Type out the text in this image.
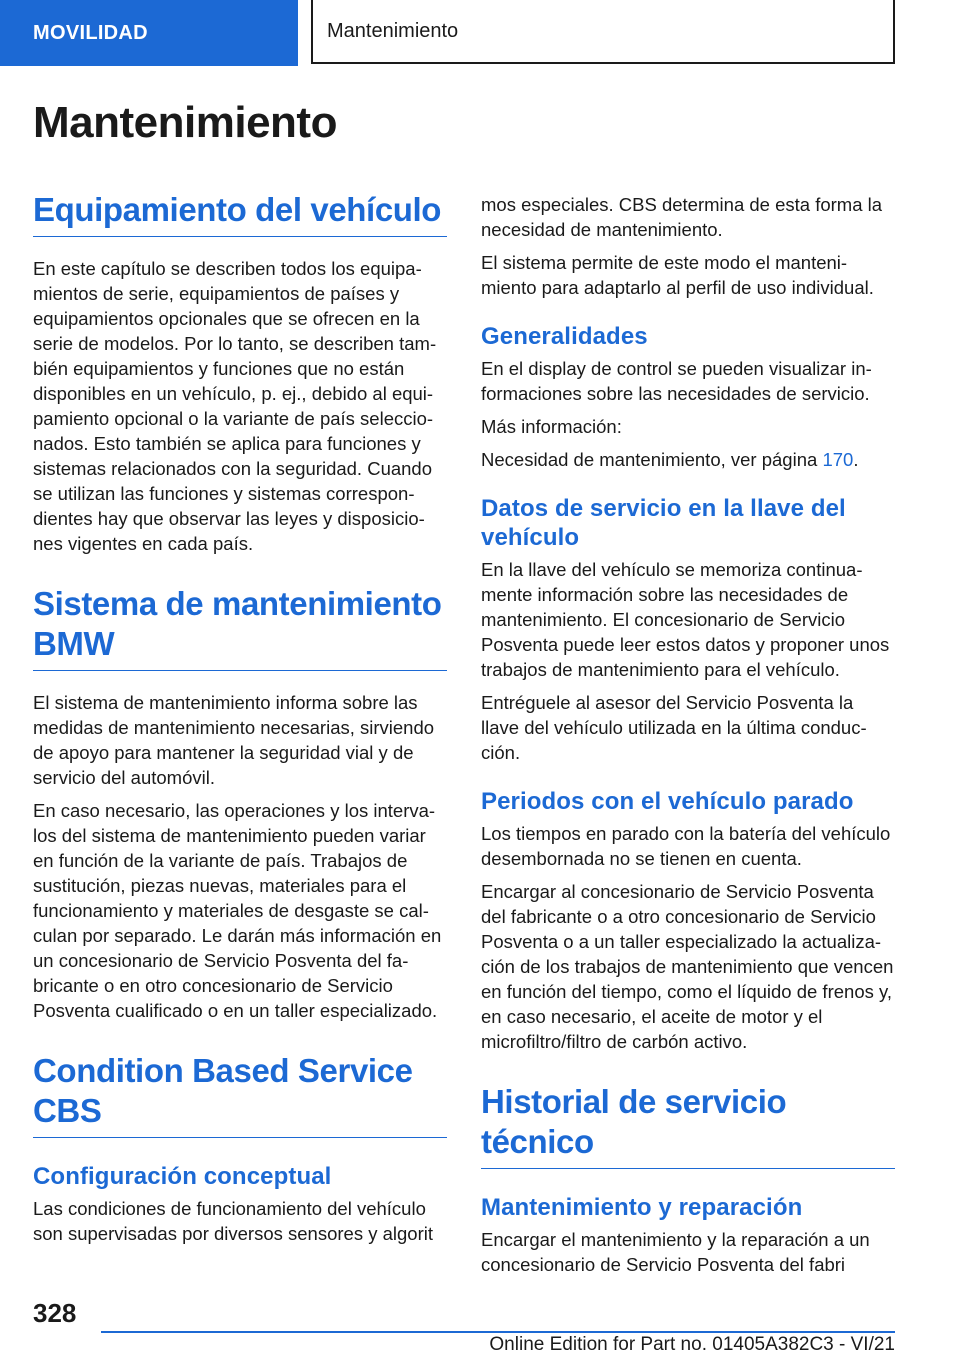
MOVILIDAD	Mantenimiento
Mantenimiento
Equipamiento del vehículo

En este capítulo se describen todos los equipamientos de serie, equipamientos de países y equipamientos opcionales que se ofrecen en la serie de modelos. Por lo tanto, se describen también equipamientos y funciones que no están disponibles en un vehículo, p. ej., debido al equipamiento opcional o la variante de país seleccionados. Esto también se aplica para funciones y sistemas relacionados con la seguridad. Cuando se utilizan las funciones y sistemas correspondientes hay que observar las leyes y disposiciones vigentes en cada país.

Sistema de mantenimiento BMW

El sistema de mantenimiento informa sobre las medidas de mantenimiento necesarias, sirviendo de apoyo para mantener la seguridad vial y de servicio del automóvil.

En caso necesario, las operaciones y los intervalos del sistema de mantenimiento pueden variar en función de la variante de país. Trabajos de sustitución, piezas nuevas, materiales para el funcionamiento y materiales de desgaste se calculan por separado. Le darán más información en un concesionario de Servicio Posventa del fabricante o en otro concesionario de Servicio Posventa cualificado o en un taller especializado.

Condition Based Service CBS
Configuración conceptual

Las condiciones de funcionamiento del vehículo son supervisadas por diversos sensores y algorit

mos especiales. CBS determina de esta forma la necesidad de mantenimiento.

El sistema permite de este modo el mantenimiento para adaptarlo al perfil de uso individual.

Generalidades

En el display de control se pueden visualizar informaciones sobre las necesidades de servicio.

Más información:

Necesidad de mantenimiento, ver página 170.

Datos de servicio en la llave del vehículo

En la llave del vehículo se memoriza continuamente información sobre las necesidades de mantenimiento. El concesionario de Servicio Posventa puede leer estos datos y proponer unos trabajos de mantenimiento para el vehículo.

Entréguele al asesor del Servicio Posventa la llave del vehículo utilizada en la última conducción.

Periodos con el vehículo parado

Los tiempos en parado con la batería del vehículo desembornada no se tienen en cuenta.

Encargar al concesionario de Servicio Posventa del fabricante o a otro concesionario de Servicio Posventa o a un taller especializado la actualización de los trabajos de mantenimiento que vencen en función del tiempo, como el líquido de frenos y, en caso necesario, el aceite de motor y el microfiltro/filtro de carbón activo.

Historial de servicio técnico
Mantenimiento y reparación

Encargar el mantenimiento y la reparación a un concesionario de Servicio Posventa del fabri

328
Online Edition for Part no. 01405A382C3 - VI/21
